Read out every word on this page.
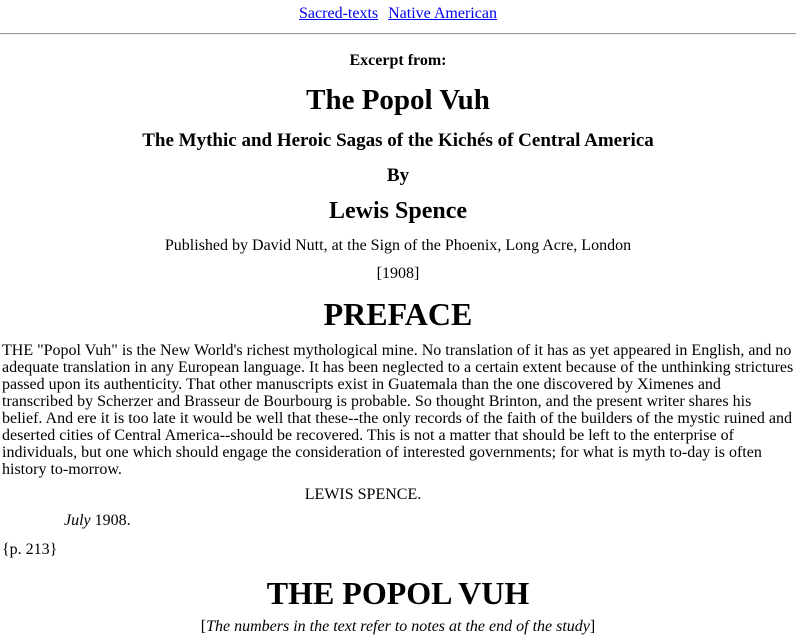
Sacred-texts Native American

Excerpt from:
The Popol Vuh
The Mythic and Heroic Sagas of the Kichés of Central America
By
Lewis Spence

Published by David Nutt, at the Sign of the Phoenix, Long Acre, London

[1908]

PREFACE

THE "Popol Vuh" is the New World's richest mythological mine. No translation of it has as yet appeared in English, and no adequate translation in any European language. It has been neglected to a certain extent because of the unthinking strictures passed upon its authenticity. That other manuscripts exist in Guatemala than the one discovered by Ximenes and transcribed by Scherzer and Brasseur de Bourbourg is probable. So thought Brinton, and the present writer shares his belief. And ere it is too late it would be well that these--the only records of the faith of the builders of the mystic ruined and deserted cities of Central America--should be recovered. This is not a matter that should be left to the enterprise of individuals, but one which should engage the consideration of interested governments; for what is myth to-day is often history to-morrow.

LEWIS SPENCE.

July 1908.

{p. 213}

THE POPOL VUH

[The numbers in the text refer to notes at the end of the study]
